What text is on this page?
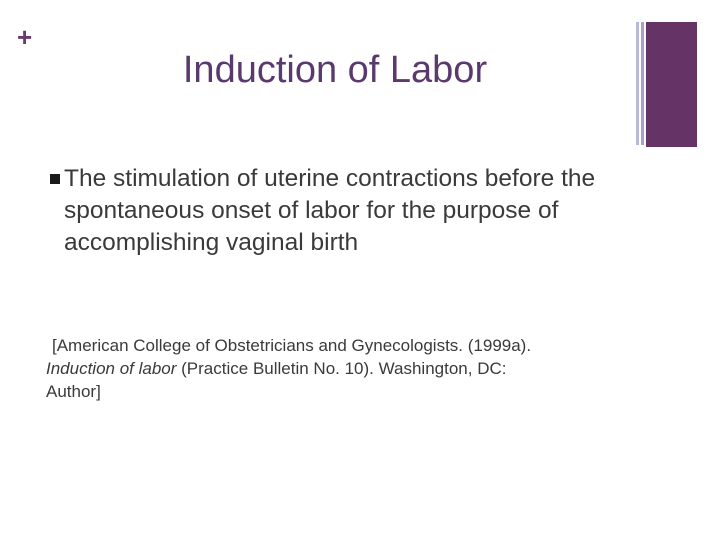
+
Induction of Labor
The stimulation of uterine contractions before the spontaneous onset of labor for the purpose of accomplishing vaginal birth
[American College of Obstetricians and Gynecologists. (1999a).
Induction of labor (Practice Bulletin No. 10). Washington, DC:
Author]
